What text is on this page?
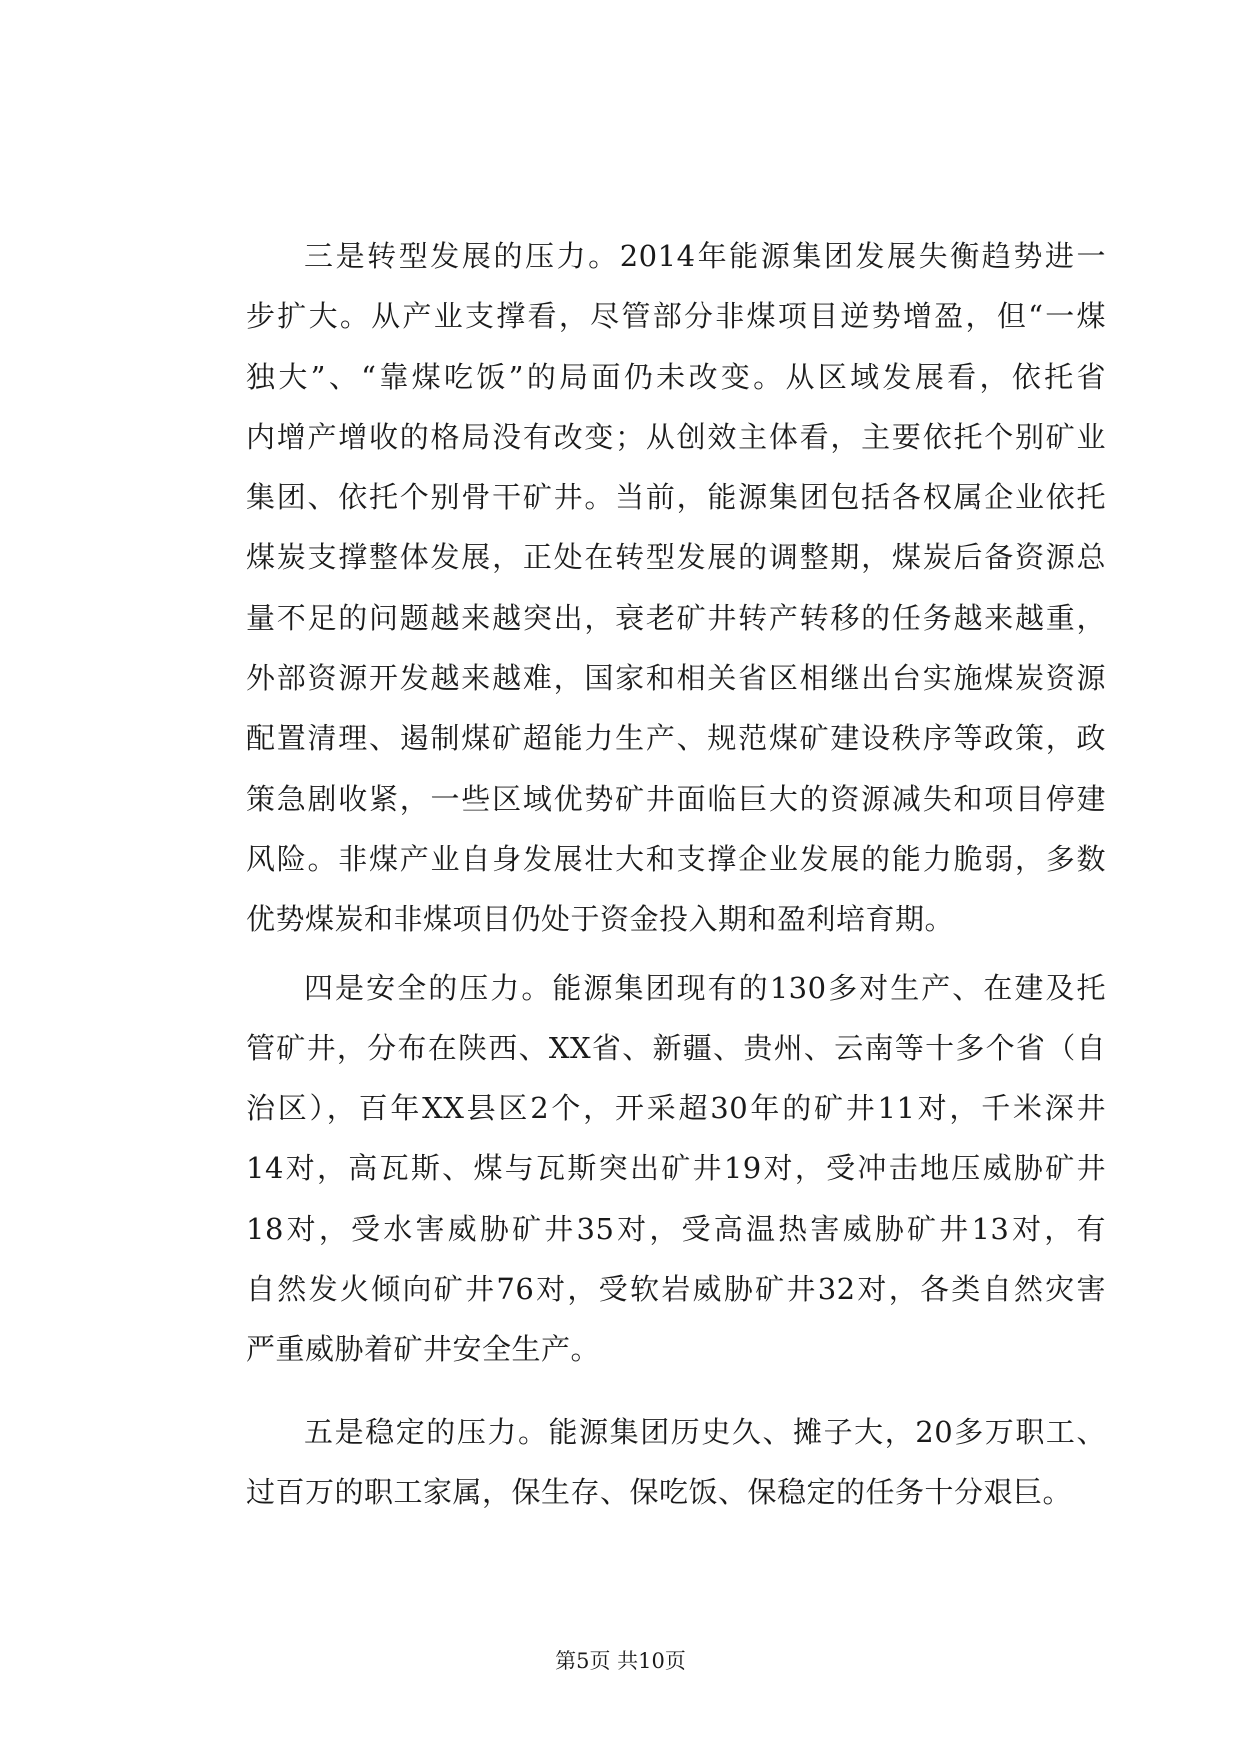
三是转型发展的压力。2014年能源集团发展失衡趋势进一
步扩大。从产业支撑看，尽管部分非煤项目逆势增盈，但“一煤
独大”、“靠煤吃饭”的局面仍未改变。从区域发展看，依托省
内增产增收的格局没有改变；从创效主体看，主要依托个别矿业
集团、依托个别骨干矿井。当前，能源集团包括各权属企业依托
煤炭支撑整体发展，正处在转型发展的调整期，煤炭后备资源总
量不足的问题越来越突出，衰老矿井转产转移的任务越来越重，
外部资源开发越来越难，国家和相关省区相继出台实施煤炭资源
配置清理、遏制煤矿超能力生产、规范煤矿建设秩序等政策，政
策急剧收紧，一些区域优势矿井面临巨大的资源减失和项目停建
风险。非煤产业自身发展壮大和支撑企业发展的能力脆弱，多数
优势煤炭和非煤项目仍处于资金投入期和盈利培育期。
四是安全的压力。能源集团现有的130多对生产、在建及托
管矿井，分布在陕西、XX省、新疆、贵州、云南等十多个省（自
治区），百年XX县区2个，开采超30年的矿井11对，千米深井
14对，高瓦斯、煤与瓦斯突出矿井19对，受冲击地压威胁矿井
18对，受水害威胁矿井35对，受高温热害威胁矿井13对，有
自然发火倾向矿井76对，受软岩威胁矿井32对，各类自然灾害
严重威胁着矿井安全生产。
五是稳定的压力。能源集团历史久、摊子大，20多万职工、
过百万的职工家属，保生存、保吃饭、保稳定的任务十分艰巨。
第5页 共10页
